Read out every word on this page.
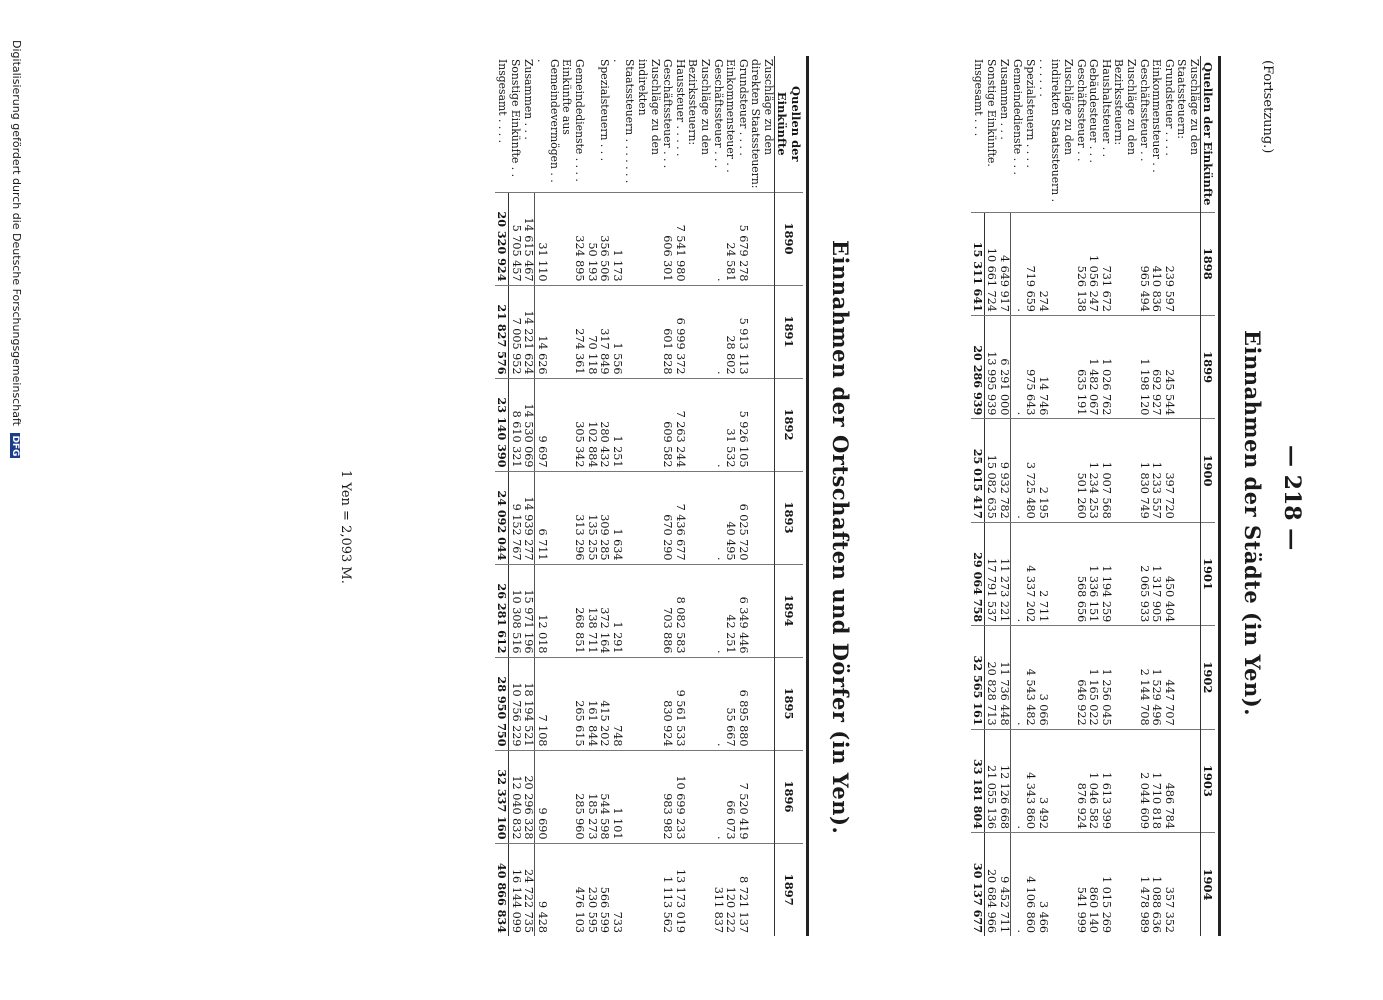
— 218 —
(Fortsetzung.)
Einnahmen der Städte (in Yen).
Quellen der Einkünfte	1898	1899	1900	1901	1902	1903	1904
Zuschläge zu den Staatssteuern:							
Grundsteuer . . . .	239 597	245 544	397 720	450 404	447 707	486 784	357 352
Einkommensteuer . .	410 836	692 927	1 233 557	1 317 905	1 529 496	1 710 818	1 088 636
Geschäftssteuer . .	965 494	1 198 120	1 830 749	2 065 933	2 144 708	2 044 609	1 478 989
Zuschläge zu den Bezirkssteuern:							
Haushaltsteuer . .	731 672	1 026 762	1 007 568	1 194 259	1 256 045	1 613 399	1 015 269
Gebäudesteuer . . .	1 056 247	1 482 067	1 234 253	1 336 151	1 165 022	1 046 582	860 140
Geschäftssteuer . .	526 138	635 191	501 260	568 656	646 922	876 924	541 999
Zuschläge zu den indirekten Staatssteuern . . . . . . .	274	14 746	2 195	2 711	3 066	3 492	3 466
Spezialsteuern . . . .	719 659	975 643	3 725 480	4 337 202	4 543 482	4 343 860	4 106 860
Gemeindedienste . . .	·	·	·	·	·	·	·
Zusammen . . .	4 649 917	6 291 000	9 932 782	11 273 221	11 736 448	12 126 668	9 452 711
Sonstige Einkünfte.	10 661 724	13 995 939	15 082 635	17 791 537	20 828 713	21 055 136	20 684 966
Insgesamt . . .	15 311 641	20 286 939	25 015 417	29 064 758	32 565 161	33 181 804	30 137 677
Einnahmen der Ortschaften und Dörfer (in Yen).
Quellen der Einkünfte	1890	1891	1892	1893	1894	1895	1896	1897
Zuschläge zu den direkten Staatssteuern:								
Grundsteuer . . . .	5 679 278	5 913 113	5 926 105	6 025 720	6 349 446	6 895 880	7 520 419	8 721 137
Einkommensteuer . .	24 581	28 802	31 532	40 495	42 251	55 667	66 073	120 222
Geschäftssteuer . . .	·	·	·	·	·	·	·	311 837
Zuschläge zu den Bezirkssteuern:								
Haussteuer . . . . .	7 541 980	6 999 372	7 263 244	7 436 677	8 082 583	9 561 533	10 699 233	13 173 019
Geschäftssteuer . . .	606 301	601 828	609 582	670 290	703 886	830 924	983 982	1 113 562
Zuschläge zu den indirekten Staatssteuern . . . . . . . .	1 173	1 556	1 251	1 634	1 291	748	1 101	733
Spezialsteuern . . .	356 506	317 849	280 432	309 285	372 164	415 202	544 598	566 599
	50 193	70 118	102 884	135 255	138 711	161 844	185 273	230 595
Gemeindedienste . . . .	324 895	274 361	305 342	313 296	268 851	265 615	285 960	476 103
Einkünfte aus Gemeindevermögen . . .	31 110	14 626	9 697	6 711	12 018	7 108	9 690	9 428
Zusammen . . .	14 615 467	14 221 624	14 530 069	14 939 277	15 971 196	18 194 521	20 296 328	24 722 735
Sonstige Einkünfte . .	5 705 457	7 005 952	8 610 321	9 152 767	10 308 516	10 756 229	12 040 832	16 144 099
Insgesamt . . . .	20 320 924	21 827 576	23 140 390	24 092 044	26 281 612	28 950 750	32 337 160	40 866 834
1 Yen = 2,093 M.
Digitalisierung gefördert durch die Deutsche Forschungsgemeinschaft DFG
